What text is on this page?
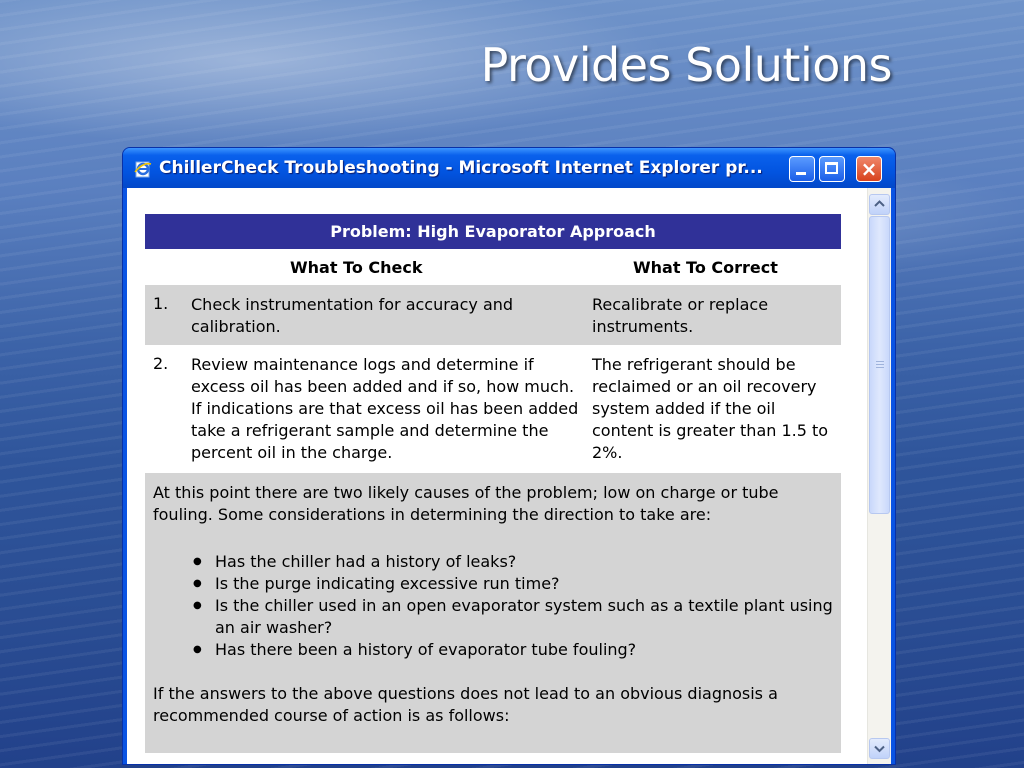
Provides Solutions
ChillerCheck Troubleshooting - Microsoft Internet Explorer pr...	×
Problem: High Evaporator Approach
What To Check	What To Correct
1. Check instrumentation for accuracy and calibration.
Recalibrate or replace instruments.
2. Review maintenance logs and determine if excess oil has been added and if so, how much. If indications are that excess oil has been added take a refrigerant sample and determine the percent oil in the charge.
The refrigerant should be reclaimed or an oil recovery system added if the oil content is greater than 1.5 to 2%.

At this point there are two likely causes of the problem; low on charge or tube fouling. Some considerations in determining the direction to take are:

● Has the chiller had a history of leaks?
● Is the purge indicating excessive run time?
● Is the chiller used in an open evaporator system such as a textile plant using an air washer?
● Has there been a history of evaporator tube fouling?

If the answers to the above questions does not lead to an obvious diagnosis a recommended course of action is as follows:
